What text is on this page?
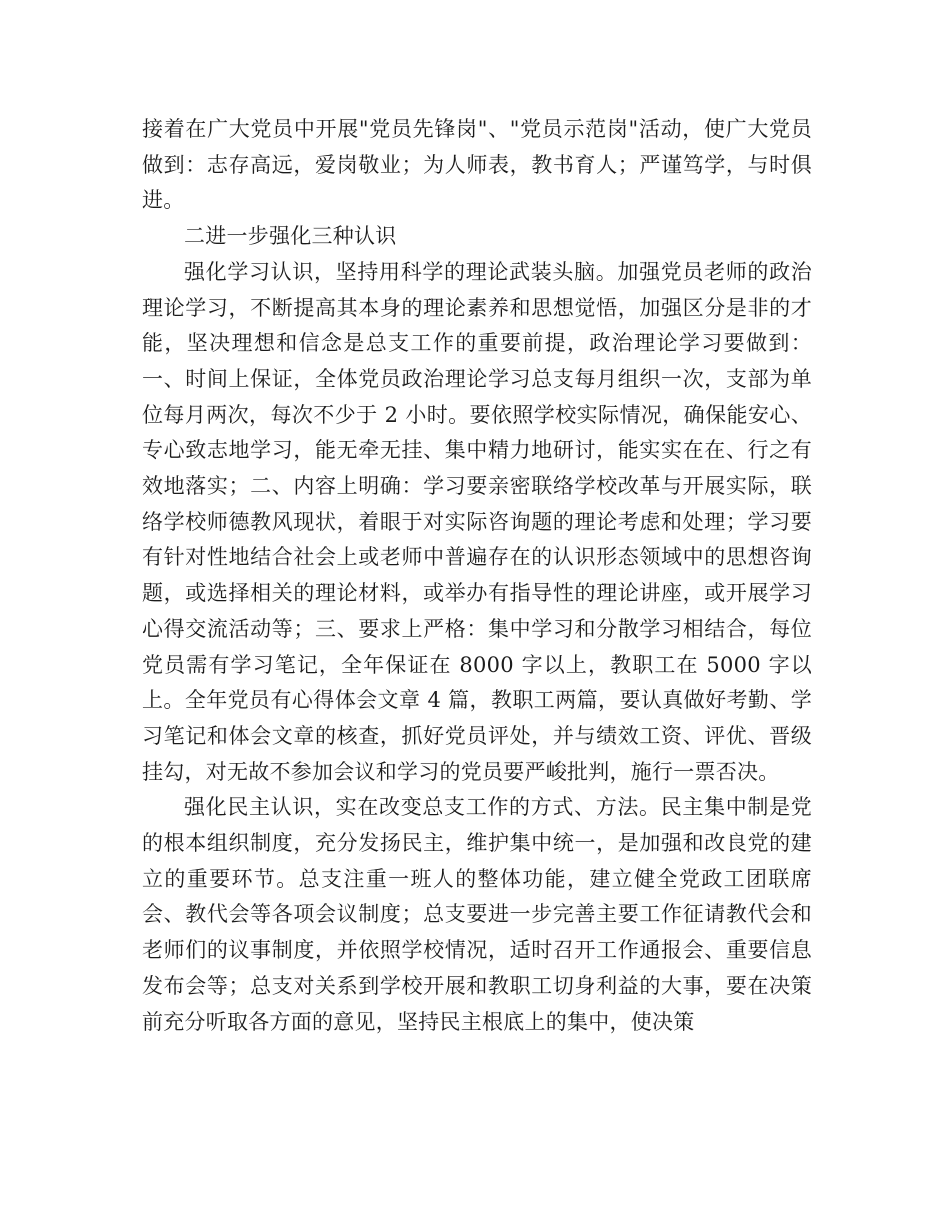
接着在广大党员中开展"党员先锋岗"、"党员示范岗"活动，使广大党员做到：志存高远，爱岗敬业；为人师表，教书育人；严谨笃学，与时俱进。

二进一步强化三种认识

强化学习认识，坚持用科学的理论武装头脑。加强党员老师的政治理论学习，不断提高其本身的理论素养和思想觉悟，加强区分是非的才能，坚决理想和信念是总支工作的重要前提，政治理论学习要做到：一、时间上保证，全体党员政治理论学习总支每月组织一次，支部为单位每月两次，每次不少于 2 小时。要依照学校实际情况，确保能安心、专心致志地学习，能无牵无挂、集中精力地研讨，能实实在在、行之有效地落实；二、内容上明确：学习要亲密联络学校改革与开展实际，联络学校师德教风现状，着眼于对实际咨询题的理论考虑和处理；学习要有针对性地结合社会上或老师中普遍存在的认识形态领域中的思想咨询题，或选择相关的理论材料，或举办有指导性的理论讲座，或开展学习心得交流活动等；三、要求上严格：集中学习和分散学习相结合，每位党员需有学习笔记，全年保证在 8000 字以上，教职工在 5000 字以上。全年党员有心得体会文章 4 篇，教职工两篇，要认真做好考勤、学习笔记和体会文章的核查，抓好党员评处，并与绩效工资、评优、晋级挂勾，对无故不参加会议和学习的党员要严峻批判，施行一票否决。

强化民主认识，实在改变总支工作的方式、方法。民主集中制是党的根本组织制度，充分发扬民主，维护集中统一，是加强和改良党的建立的重要环节。总支注重一班人的整体功能，建立健全党政工团联席会、教代会等各项会议制度；总支要进一步完善主要工作征请教代会和老师们的议事制度，并依照学校情况，适时召开工作通报会、重要信息发布会等；总支对关系到学校开展和教职工切身利益的大事，要在决策前充分听取各方面的意见，坚持民主根底上的集中，使决策
